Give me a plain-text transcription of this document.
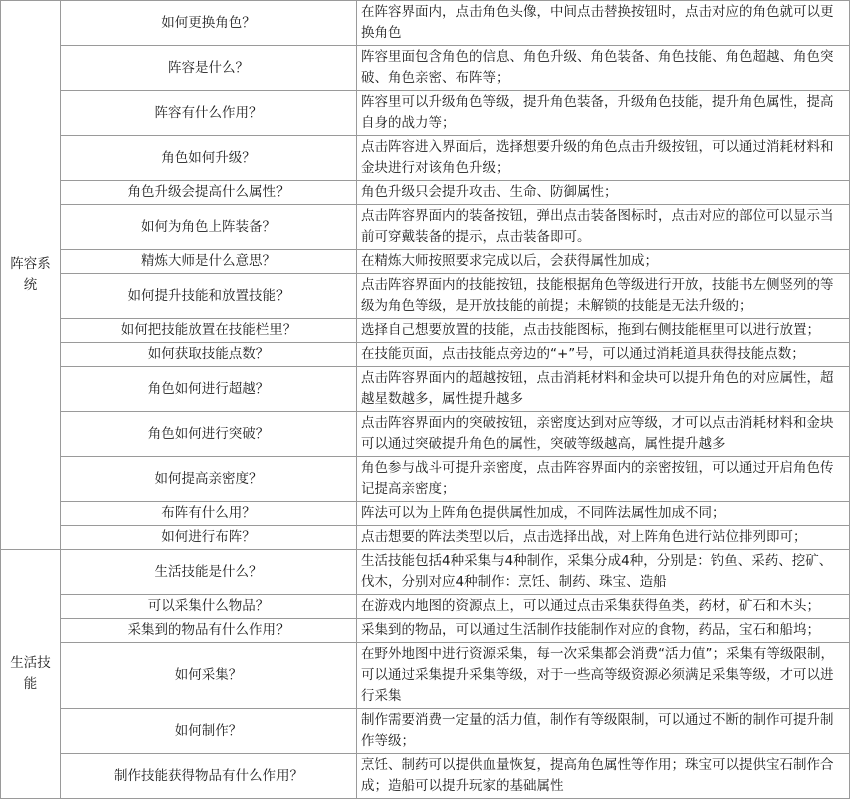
阵容系统	如何更换角色？	在阵容界面内，点击角色头像，中间点击替换按钮时，点击对应的角色就可以更换角色
	阵容是什么？	阵容里面包含角色的信息、角色升级、角色装备、角色技能、角色超越、角色突破、角色亲密、布阵等；
	阵容有什么作用？	阵容里可以升级角色等级，提升角色装备，升级角色技能，提升角色属性，提高自身的战力等；
	角色如何升级？	点击阵容进入界面后，选择想要升级的角色点击升级按钮，可以通过消耗材料和金块进行对该角色升级；
	角色升级会提高什么属性？	角色升级只会提升攻击、生命、防御属性；
	如何为角色上阵装备？	点击阵容界面内的装备按钮，弹出点击装备图标时，点击对应的部位可以显示当前可穿戴装备的提示，点击装备即可。
	精炼大师是什么意思？	在精炼大师按照要求完成以后，会获得属性加成；
	如何提升技能和放置技能？	点击阵容界面内的技能按钮，技能根据角色等级进行开放，技能书左侧竖列的等级为角色等级，是开放技能的前提；未解锁的技能是无法升级的；
	如何把技能放置在技能栏里？	选择自己想要放置的技能，点击技能图标，拖到右侧技能框里可以进行放置；
	如何获取技能点数？	在技能页面，点击技能点旁边的“+”号，可以通过消耗道具获得技能点数；
	角色如何进行超越？	点击阵容界面内的超越按钮，点击消耗材料和金块可以提升角色的对应属性，超越星数越多，属性提升越多
	角色如何进行突破？	点击阵容界面内的突破按钮，亲密度达到对应等级，才可以点击消耗材料和金块可以通过突破提升角色的属性，突破等级越高，属性提升越多
	如何提高亲密度？	角色参与战斗可提升亲密度，点击阵容界面内的亲密按钮，可以通过开启角色传记提高亲密度；
	布阵有什么用？	阵法可以为上阵角色提供属性加成，不同阵法属性加成不同；
	如何进行布阵？	点击想要的阵法类型以后，点击选择出战，对上阵角色进行站位排列即可；
生活技能	生活技能是什么？	生活技能包括4种采集与4种制作，采集分成4种，分别是：钓鱼、采药、挖矿、伐木，分别对应4种制作：烹饪、制药、珠宝、造船
	可以采集什么物品？	在游戏内地图的资源点上，可以通过点击采集获得鱼类，药材，矿石和木头；
	采集到的物品有什么作用？	采集到的物品，可以通过生活制作技能制作对应的食物，药品，宝石和船坞；
	如何采集？	在野外地图中进行资源采集，每一次采集都会消费“活力值”；采集有等级限制，可以通过采集提升采集等级，对于一些高等级资源必须满足采集等级，才可以进行采集
	如何制作？	制作需要消费一定量的活力值，制作有等级限制，可以通过不断的制作可提升制作等级；
	制作技能获得物品有什么作用？	烹饪、制药可以提供血量恢复，提高角色属性等作用；珠宝可以提供宝石制作合成；造船可以提升玩家的基础属性
